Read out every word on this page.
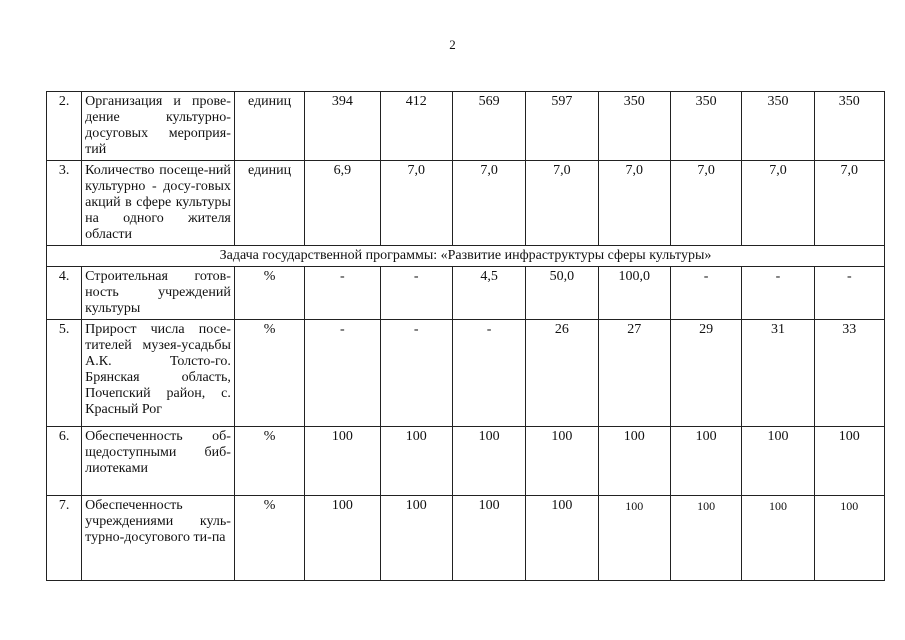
2
2.	Организация и прове-дение культурно-досуговых мероприя-тий	единиц	394	412	569	597	350	350	350	350
3.	Количество посеще-ний культурно - досу-говых акций в сфере культуры на одного жителя области	единиц	6,9	7,0	7,0	7,0	7,0	7,0	7,0	7,0
Задача государственной программы: «Развитие инфраструктуры сферы культуры»										
4.	Строительная готов-ность учреждений культуры	%	-	-	4,5	50,0	100,0	-	-	-
5.	Прирост числа посе-тителей музея-усадьбы А.К. Толсто-го. Брянская область, Почепский район, с. Красный Рог	%	-	-	-	26	27	29	31	33
6.	Обеспеченность об-щедоступными биб-лиотеками	%	100	100	100	100	100	100	100	100
7.	Обеспеченность учреждениями куль-турно-досугового ти-па	%	100	100	100	100	100	100	100	100
